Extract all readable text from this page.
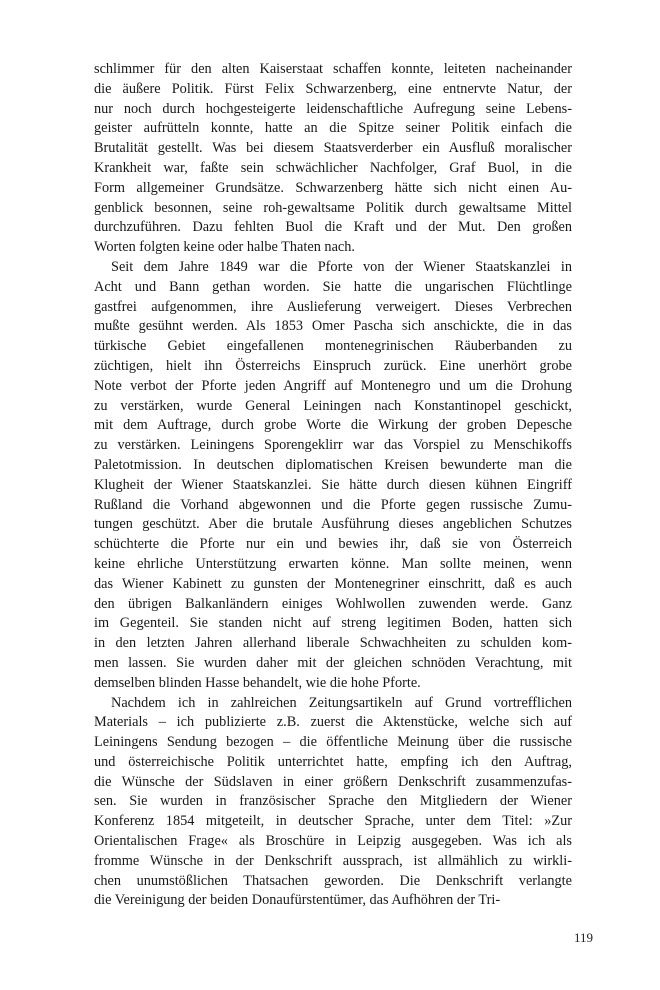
schlimmer für den alten Kaiserstaat schaffen konnte, leiteten nacheinander
die äußere Politik. Fürst Felix Schwarzenberg, eine entnervte Natur, der
nur noch durch hochgesteigerte leidenschaftliche Aufregung seine Lebens-
geister aufrütteln konnte, hatte an die Spitze seiner Politik einfach die
Brutalität gestellt. Was bei diesem Staatsverderber ein Ausfluß moralischer
Krankheit war, faßte sein schwächlicher Nachfolger, Graf Buol, in die
Form allgemeiner Grundsätze. Schwarzenberg hätte sich nicht einen Au-
genblick besonnen, seine roh-gewaltsame Politik durch gewaltsame Mittel
durchzuführen. Dazu fehlten Buol die Kraft und der Mut. Den großen
Worten folgten keine oder halbe Thaten nach.
Seit dem Jahre 1849 war die Pforte von der Wiener Staatskanzlei in
Acht und Bann gethan worden. Sie hatte die ungarischen Flüchtlinge
gastfrei aufgenommen, ihre Auslieferung verweigert. Dieses Verbrechen
mußte gesühnt werden. Als 1853 Omer Pascha sich anschickte, die in das
türkische Gebiet eingefallenen montenegrinischen Räuberbanden zu
züchtigen, hielt ihn Österreichs Einspruch zurück. Eine unerhört grobe
Note verbot der Pforte jeden Angriff auf Montenegro und um die Drohung
zu verstärken, wurde General Leiningen nach Konstantinopel geschickt,
mit dem Auftrage, durch grobe Worte die Wirkung der groben Depesche
zu verstärken. Leiningens Sporengeklirr war das Vorspiel zu Menschikoffs
Paletotmission. In deutschen diplomatischen Kreisen bewunderte man die
Klugheit der Wiener Staatskanzlei. Sie hätte durch diesen kühnen Eingriff
Rußland die Vorhand abgewonnen und die Pforte gegen russische Zumu-
tungen geschützt. Aber die brutale Ausführung dieses angeblichen Schutzes
schüchterte die Pforte nur ein und bewies ihr, daß sie von Österreich
keine ehrliche Unterstützung erwarten könne. Man sollte meinen, wenn
das Wiener Kabinett zu gunsten der Montenegriner einschritt, daß es auch
den übrigen Balkanländern einiges Wohlwollen zuwenden werde. Ganz
im Gegenteil. Sie standen nicht auf streng legitimen Boden, hatten sich
in den letzten Jahren allerhand liberale Schwachheiten zu schulden kom-
men lassen. Sie wurden daher mit der gleichen schnöden Verachtung, mit
demselben blinden Hasse behandelt, wie die hohe Pforte.
Nachdem ich in zahlreichen Zeitungsartikeln auf Grund vortrefflichen
Materials – ich publizierte z.B. zuerst die Aktenstücke, welche sich auf
Leiningens Sendung bezogen – die öffentliche Meinung über die russische
und österreichische Politik unterrichtet hatte, empfing ich den Auftrag,
die Wünsche der Südslaven in einer größern Denkschrift zusammenzufas-
sen. Sie wurden in französischer Sprache den Mitgliedern der Wiener
Konferenz 1854 mitgeteilt, in deutscher Sprache, unter dem Titel: »Zur
Orientalischen Frage« als Broschüre in Leipzig ausgegeben. Was ich als
fromme Wünsche in der Denkschrift aussprach, ist allmählich zu wirkli-
chen unumstößlichen Thatsachen geworden. Die Denkschrift verlangte
die Vereinigung der beiden Donaufürstentümer, das Aufhöhren der Tri-
119
